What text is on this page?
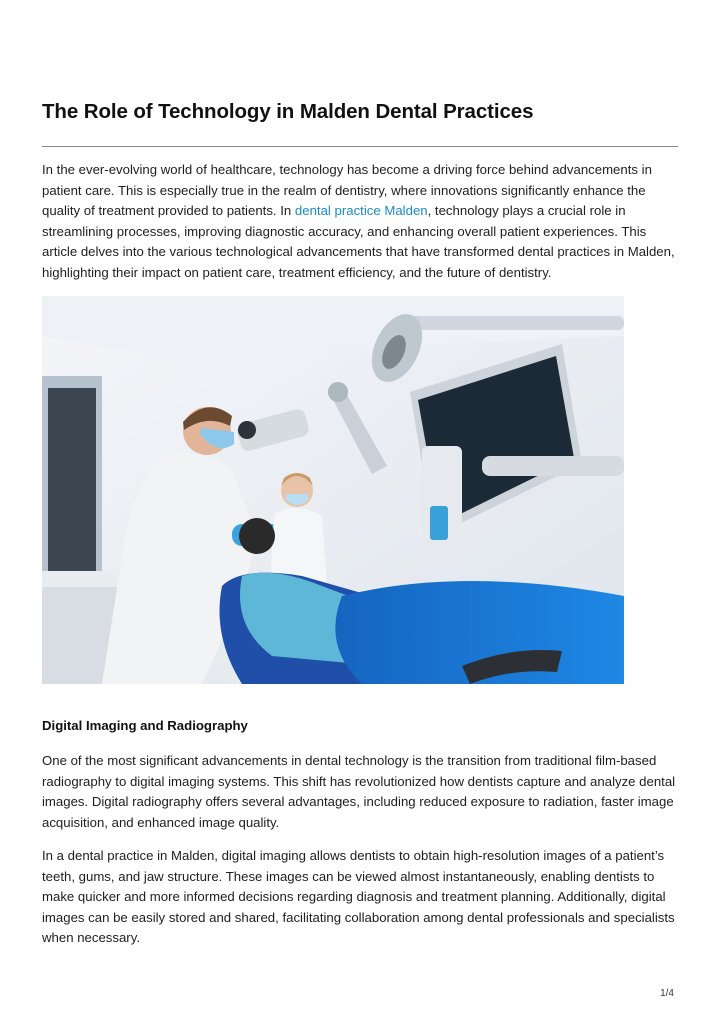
The Role of Technology in Malden Dental Practices

In the ever-evolving world of healthcare, technology has become a driving force behind advancements in patient care. This is especially true in the realm of dentistry, where innovations significantly enhance the quality of treatment provided to patients. In dental practice Malden, technology plays a crucial role in streamlining processes, improving diagnostic accuracy, and enhancing overall patient experiences. This article delves into the various technological advancements that have transformed dental practices in Malden, highlighting their impact on patient care, treatment efficiency, and the future of dentistry.

Digital Imaging and Radiography

One of the most significant advancements in dental technology is the transition from traditional film-based radiography to digital imaging systems. This shift has revolutionized how dentists capture and analyze dental images. Digital radiography offers several advantages, including reduced exposure to radiation, faster image acquisition, and enhanced image quality.

In a dental practice in Malden, digital imaging allows dentists to obtain high-resolution images of a patient’s teeth, gums, and jaw structure. These images can be viewed almost instantaneously, enabling dentists to make quicker and more informed decisions regarding diagnosis and treatment planning. Additionally, digital images can be easily stored and shared, facilitating collaboration among dental professionals and specialists when necessary.

1/4
